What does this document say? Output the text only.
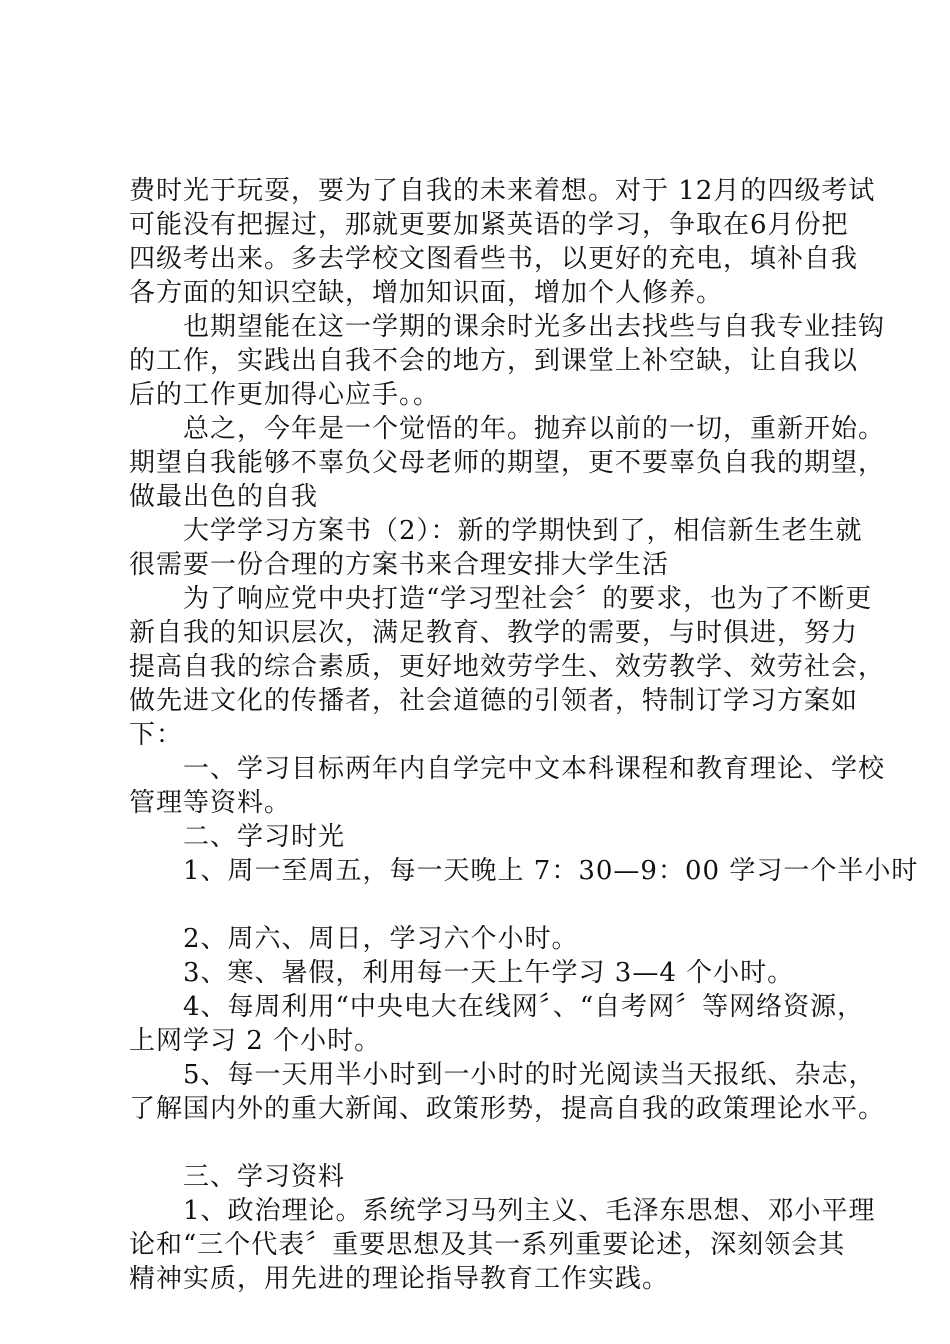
费时光于玩耍，要为了自我的未来着想。对于 12月的四级考试
可能没有把握过，那就更要加紧英语的学习，争取在6月份把
四级考出来。多去学校文图看些书，以更好的充电，填补自我
各方面的知识空缺，增加知识面，增加个人修养。
也期望能在这一学期的课余时光多出去找些与自我专业挂钩
的工作，实践出自我不会的地方，到课堂上补空缺，让自我以
后的工作更加得心应手。。
总之，今年是一个觉悟的年。抛弃以前的一切，重新开始。
期望自我能够不辜负父母老师的期望，更不要辜负自我的期望，
做最出色的自我
大学学习方案书（2）：新的学期快到了，相信新生老生就
很需要一份合理的方案书来合理安排大学生活
为了响应党中央打造“学习型社会〞的要求，也为了不断更
新自我的知识层次，满足教育、教学的需要，与时俱进，努力
提高自我的综合素质，更好地效劳学生、效劳教学、效劳社会，
做先进文化的传播者，社会道德的引领者，特制订学习方案如
下：
一、学习目标两年内自学完中文本科课程和教育理论、学校
管理等资料。
二、学习时光
1、周一至周五，每一天晚上 7：30—9：00 学习一个半小时
2、周六、周日，学习六个小时。
3、寒、暑假，利用每一天上午学习 3—4 个小时。
4、每周利用“中央电大在线网〞、“自考网〞等网络资源，
上网学习 2 个小时。
5、每一天用半小时到一小时的时光阅读当天报纸、杂志，
了解国内外的重大新闻、政策形势，提高自我的政策理论水平。
三、学习资料
1、政治理论。系统学习马列主义、毛泽东思想、邓小平理
论和“三个代表〞重要思想及其一系列重要论述，深刻领会其
精神实质，用先进的理论指导教育工作实践。
